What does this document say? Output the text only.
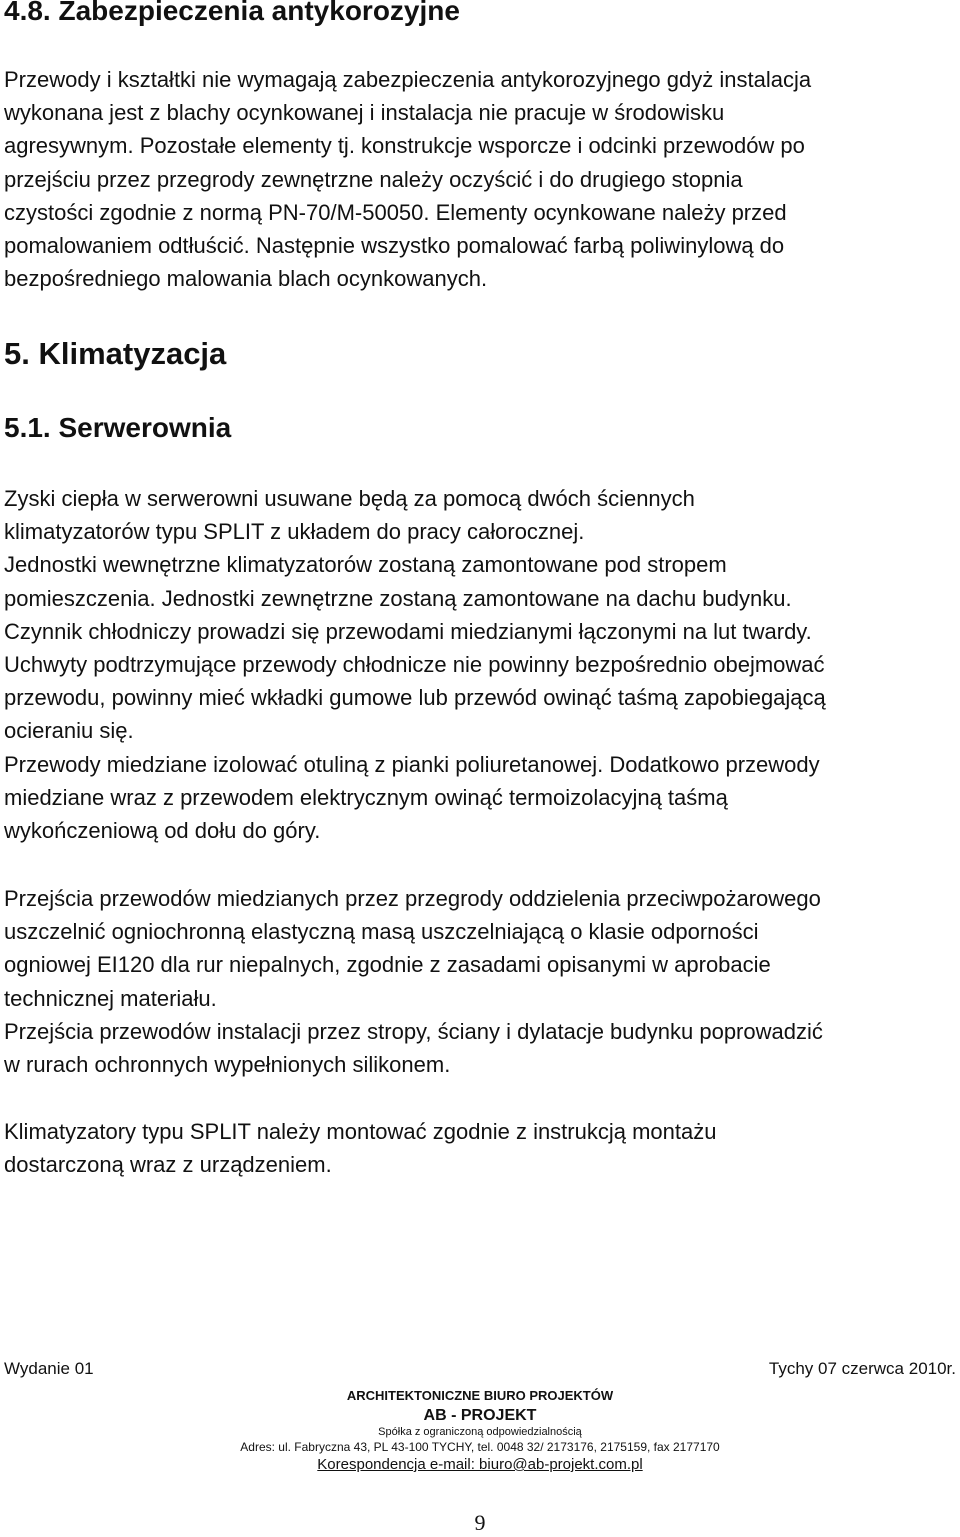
4.8. Zabezpieczenia antykorozyjne
Przewody i kształtki nie wymagają zabezpieczenia antykorozyjnego gdyż instalacja
wykonana jest z blachy ocynkowanej i instalacja nie pracuje w środowisku
agresywnym. Pozostałe elementy tj. konstrukcje wsporcze i odcinki przewodów po
przejściu przez przegrody zewnętrzne należy oczyścić i do drugiego stopnia
czystości zgodnie z normą PN-70/M-50050. Elementy ocynkowane należy przed
pomalowaniem odtłuścić. Następnie wszystko pomalować farbą poliwinylową do
bezpośredniego malowania blach ocynkowanych.
5. Klimatyzacja
5.1. Serwerownia
Zyski ciepła w serwerowni usuwane będą za pomocą dwóch ściennych
klimatyzatorów typu SPLIT z układem do pracy całorocznej.
Jednostki wewnętrzne klimatyzatorów zostaną zamontowane pod stropem
pomieszczenia. Jednostki zewnętrzne zostaną zamontowane na dachu budynku.
Czynnik chłodniczy prowadzi się przewodami miedzianymi łączonymi na lut twardy.
Uchwyty podtrzymujące przewody chłodnicze nie powinny bezpośrednio obejmować
przewodu, powinny mieć wkładki gumowe lub przewód owinąć taśmą zapobiegającą
ocieraniu się.
Przewody miedziane izolować otuliną z pianki poliuretanowej. Dodatkowo przewody
miedziane wraz z przewodem elektrycznym owinąć termoizolacyjną taśmą
wykończeniową od dołu do góry.
Przejścia przewodów miedzianych przez przegrody oddzielenia przeciwpożarowego
uszczelnić ogniochronną elastyczną masą uszczelniającą o klasie odporności
ogniowej EI120 dla rur niepalnych, zgodnie z zasadami opisanymi w aprobacie
technicznej materiału.
Przejścia przewodów instalacji przez stropy, ściany i dylatacje budynku poprowadzić
w rurach ochronnych wypełnionych silikonem.
Klimatyzatory typu SPLIT należy montować zgodnie z instrukcją montażu
dostarczoną wraz z urządzeniem.
Wydanie 01	Tychy 07 czerwca 2010r.
ARCHITEKTONICZNE BIURO PROJEKTÓW
AB - PROJEKT
Spółka z ograniczoną odpowiedzialnością
Adres: ul. Fabryczna 43, PL 43-100 TYCHY, tel. 0048 32/ 2173176, 2175159, fax 2177170
Korespondencja e-mail: biuro@ab-projekt.com.pl
9
